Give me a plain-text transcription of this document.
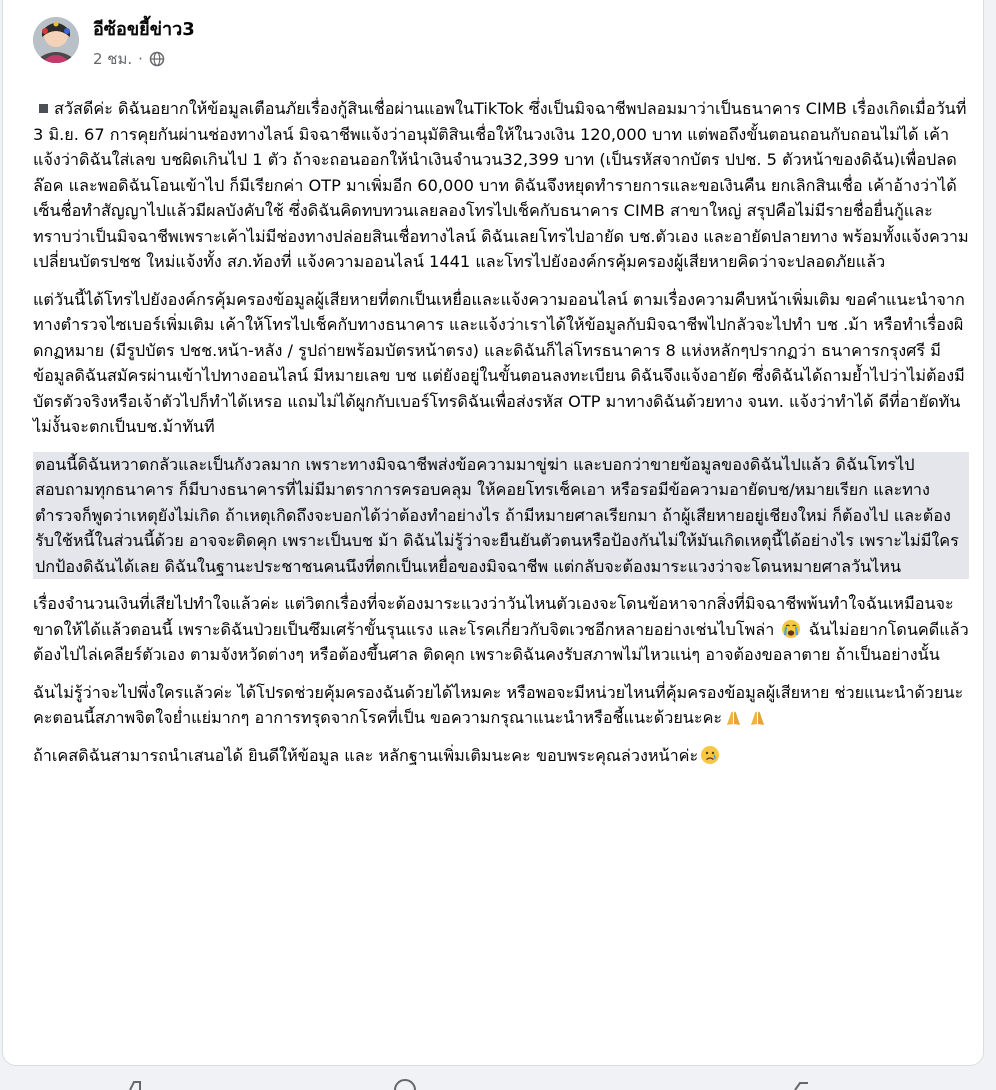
อีซ้อขยี้ข่าว3
2 ชม. ·

สวัสดีค่ะ ดิฉันอยากให้ข้อมูลเตือนภัยเรื่องกู้สินเชื่อผ่านแอพในTikTok ซึ่งเป็นมิจฉาชีพปลอมมาว่าเป็นธนาคาร CIMB เรื่องเกิดเมื่อวันที่ 3 มิ.ย. 67 การคุยกันผ่านช่องทางไลน์ มิจฉาชีพแจ้งว่าอนุมัติสินเชื่อให้ในวงเงิน 120,000 บาท แต่พอถึงขั้นตอนถอนกับถอนไม่ได้ เค้าแจ้งว่าดิฉันใส่เลข บชผิดเกินไป 1 ตัว ถ้าจะถอนออกให้นำเงินจำนวน32,399 บาท (เป็นรหัสจากบัตร ปปช. 5 ตัวหน้าของดิฉัน)เพื่อปลดล๊อค และพอดิฉันโอนเข้าไป ก็มีเรียกค่า OTP มาเพิ่มอีก 60,000 บาท ดิฉันจึงหยุดทำรายการและขอเงินคืน ยกเลิกสินเชื่อ เค้าอ้างว่าได้เซ็นชื่อทำสัญญาไปแล้วมีผลบังคับใช้ ซึ่งดิฉันคิดทบทวนเลยลองโทรไปเช็คกับธนาคาร CIMB สาขาใหญ่ สรุปคือไม่มีรายชื่อยื่นกู้และทราบว่าเป็นมิจฉาชีพเพราะเค้าไม่มีช่องทางปล่อยสินเชื่อทางไลน์ ดิฉันเลยโทรไปอายัด บช.ตัวเอง และอายัดปลายทาง พร้อมทั้งแจ้งความเปลี่ยนบัตรปชช ใหม่แจ้งทั้ง สภ.ท้องที่ แจ้งความออนไลน์ 1441 และโทรไปยังองค์กรคุ้มครองผู้เสียหายคิดว่าจะปลอดภัยแล้ว

แต่วันนี้ได้โทรไปยังองค์กรคุ้มครองข้อมูลผู้เสียหายที่ตกเป็นเหยื่อและแจ้งความออนไลน์ ตามเรื่องความคืบหน้าเพิ่มเติม ขอคำแนะนำจากทางตำรวจไซเบอร์เพิ่มเติม เค้าให้โทรไปเช็คกับทางธนาคาร และแจ้งว่าเราได้ให้ข้อมูลกับมิจฉาชีพไปกลัวจะไปทำ บช .ม้า หรือทำเรื่องผิดกฏหมาย (มีรูปบัตร ปชช.หน้า-หลัง / รูปถ่ายพร้อมบัตรหน้าตรง) และดิฉันก็ไล่โทรธนาคาร 8 แห่งหลักๆปรากฏว่า ธนาคารกรุงศรี มีข้อมูลดิฉันสมัครผ่านเข้าไปทางออนไลน์ มีหมายเลข บช แต่ยังอยู่ในขั้นตอนลงทะเบียน ดิฉันจึงแจ้งอายัด ซึ่งดิฉันได้ถามย้ำไปว่าไม่ต้องมีบัตรตัวจริงหรือเจ้าตัวไปก็ทำได้เหรอ แถมไม่ได้ผูกกับเบอร์โทรดิฉันเพื่อส่งรหัส OTP มาทางดิฉันด้วยทาง จนท. แจ้งว่าทำได้ ดีที่อายัดทัน ไม่งั้นจะตกเป็นบช.ม้าทันที

ตอนนี้ดิฉันหวาดกลัวและเป็นกังวลมาก เพราะทางมิจฉาชีพส่งข้อความมาขู่ฆ่า และบอกว่าขายข้อมูลของดิฉันไปแล้ว ดิฉันโทรไปสอบถามทุกธนาคาร ก็มีบางธนาคารที่ไม่มีมาตราการครอบคลุม ให้คอยโทรเช็คเอา หรือรอมีข้อความอายัดบช/หมายเรียก และทางตำรวจก็พูดว่าเหตุยังไม่เกิด ถ้าเหตุเกิดถึงจะบอกได้ว่าต้องทำอย่างไร ถ้ามีหมายศาลเรียกมา ถ้าผู้เสียหายอยู่เชียงใหม่ ก็ต้องไป และต้องรับใช้หนี้ในส่วนนี้ด้วย อาจจะติดคุก เพราะเป็นบช ม้า ดิฉันไม่รู้ว่าจะยืนยันตัวตนหรือป้องกันไม่ให้มันเกิดเหตุนี้ได้อย่างไร เพราะไม่มีใครปกป้องดิฉันได้เลย ดิฉันในฐานะประชาชนคนนึงที่ตกเป็นเหยื่อของมิจฉาชีพ แต่กลับจะต้องมาระแวงว่าจะโดนหมายศาลวันไหน

เรื่องจำนวนเงินที่เสียไปทำใจแล้วค่ะ แต่วิตกเรื่องที่จะต้องมาระแวงว่าวันไหนตัวเองจะโดนข้อหาจากสิ่งที่มิจฉาชีพพ้นทำใจฉันเหมือนจะขาดให้ได้แล้วตอนนี้ เพราะดิฉันป่วยเป็นซึมเศร้าขั้นรุนแรง และโรคเกี่ยวกับจิตเวชอีกหลายอย่างเช่นไบโพล่า  ฉันไม่อยากโดนคดีแล้วต้องไปไล่เคลียร์ตัวเอง ตามจังหวัดต่างๆ หรือต้องขึ้นศาล ติดคุก เพราะดิฉันคงรับสภาพไม่ไหวแน่ๆ อาจต้องขอลาตาย ถ้าเป็นอย่างนั้น

ฉันไม่รู้ว่าจะไปพึ่งใครแล้วค่ะ ได้โปรดช่วยคุ้มครองฉันด้วยได้ไหมคะ หรือพอจะมีหน่วยไหนที่คุ้มครองข้อมูลผู้เสียหาย ช่วยแนะนำด้วยนะคะตอนนี้สภาพจิตใจย่ำแย่มากๆ อาการทรุดจากโรคที่เป็น ขอความกรุณาแนะนำหรือชี้แนะด้วยนะคะ

ถ้าเคสดิฉันสามารถนำเสนอได้ ยินดีให้ข้อมูล และ หลักฐานเพิ่มเติมนะคะ ขอบพระคุณล่วงหน้าค่ะ
